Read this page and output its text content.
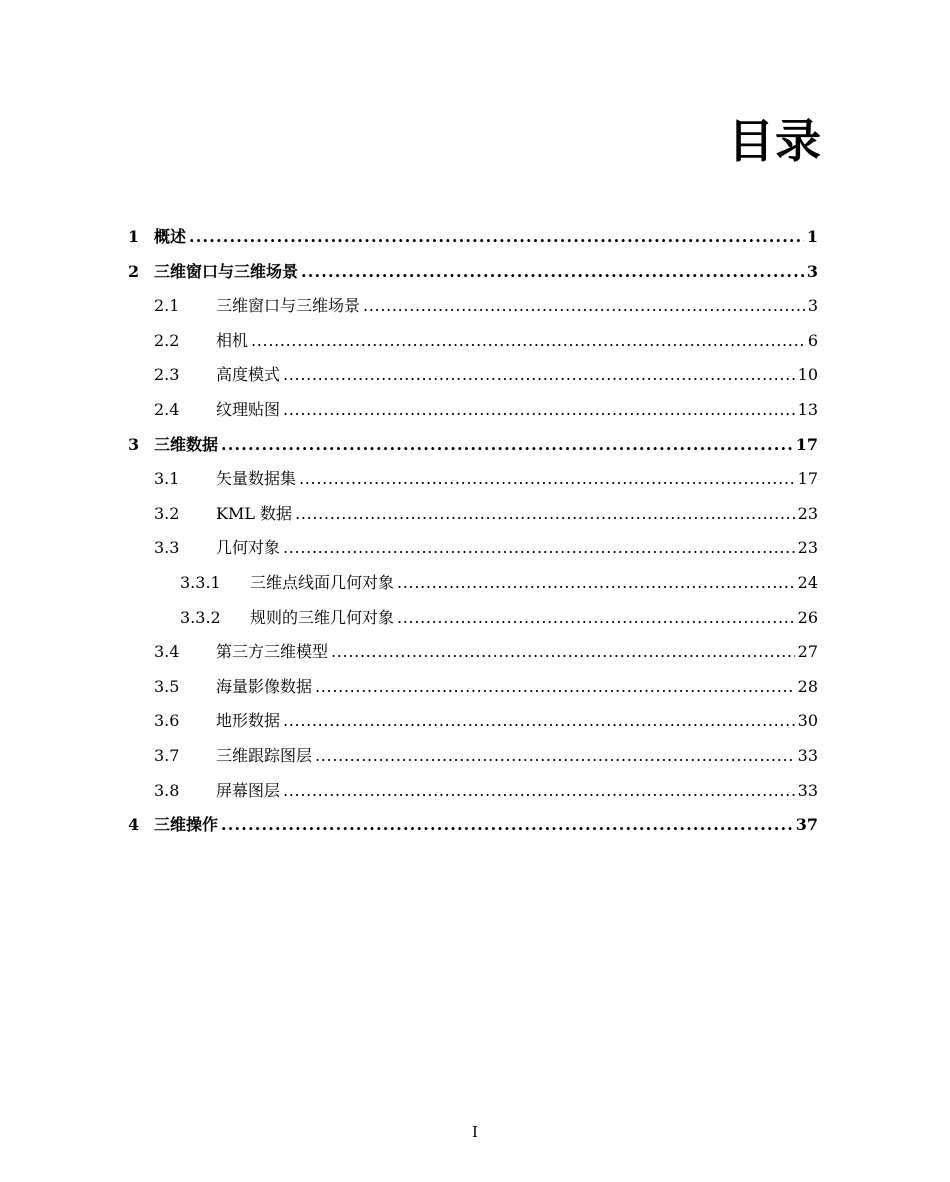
目录
1 概述 . . .	1
2 三维窗口与三维场景 . . .	3
2.1	三维窗口与三维场景 . . .	3
2.2	相机 . . .	6
2.3	高度模式 . . .	10
2.4	纹理贴图 . . .	13
3 三维数据 . . .	17
3.1	矢量数据集 . . .	17
3.2	KML 数据 . . .	23
3.3	几何对象 . . .	23
3.3.1	三维点线面几何对象 . . .	24
3.3.2	规则的三维几何对象 . . .	26
3.4	第三方三维模型 . . .	27
3.5	海量影像数据 . . .	28
3.6	地形数据 . . .	30
3.7	三维跟踪图层 . . .	33
3.8	屏幕图层 . . .	33
4 三维操作 . . .	37
I
